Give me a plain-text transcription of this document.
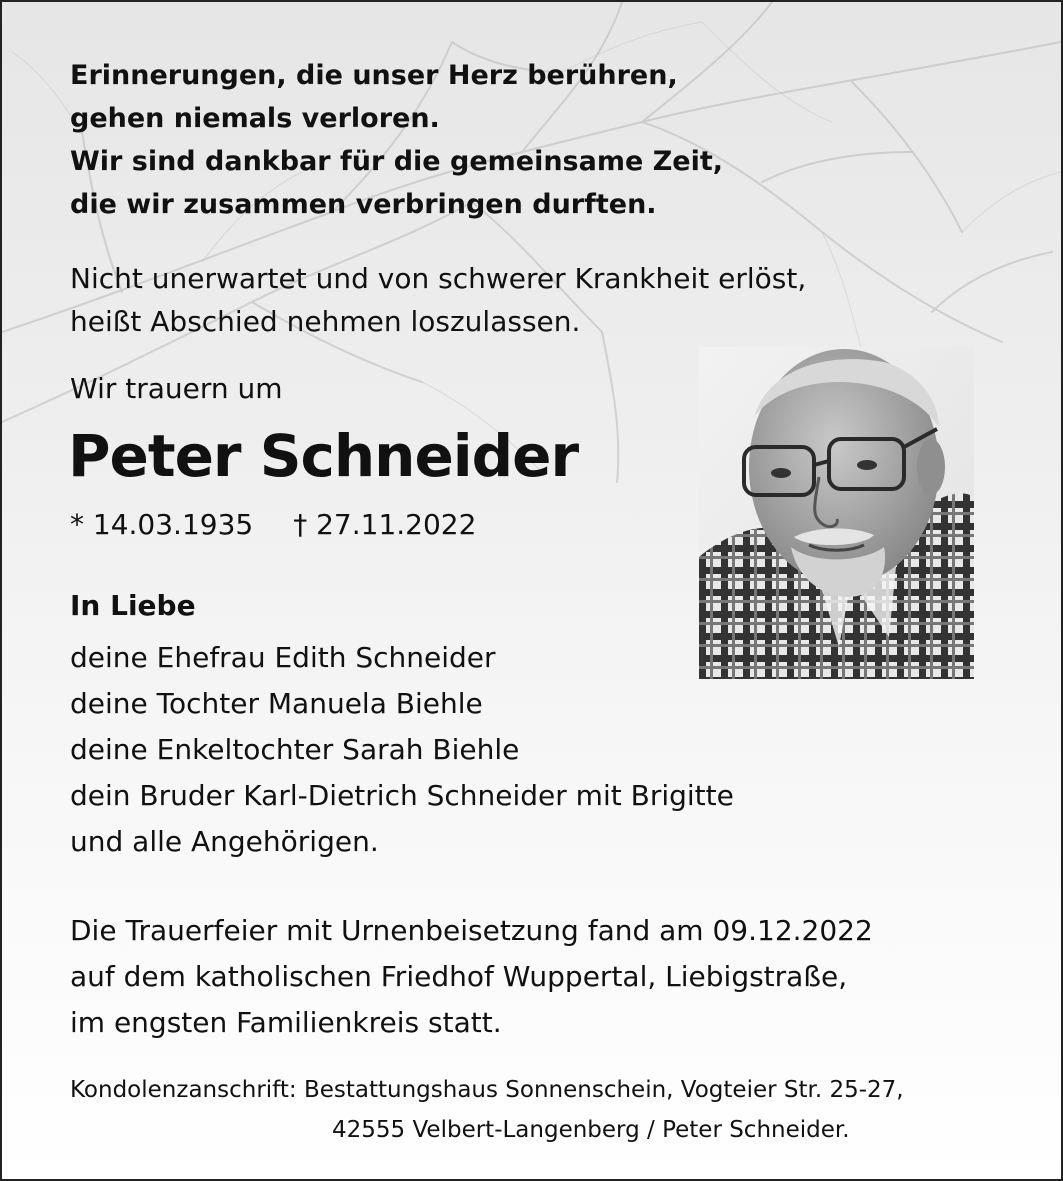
Erinnerungen, die unser Herz berühren,
gehen niemals verloren.
Wir sind dankbar für die gemeinsame Zeit,
die wir zusammen verbringen durften.
Nicht unerwartet und von schwerer Krankheit erlöst,
heißt Abschied nehmen loszulassen.
Wir trauern um
Peter Schneider
* 14.03.1935 † 27.11.2022
In Liebe
deine Ehefrau Edith Schneider
deine Tochter Manuela Biehle
deine Enkeltochter Sarah Biehle
dein Bruder Karl-Dietrich Schneider mit Brigitte
und alle Angehörigen.
Die Trauerfeier mit Urnenbeisetzung fand am 09.12.2022
auf dem katholischen Friedhof Wuppertal, Liebigstraße,
im engsten Familienkreis statt.
Kondolenzanschrift: Bestattungshaus Sonnenschein, Vogteier Str. 25-27,
42555 Velbert-Langenberg / Peter Schneider.
